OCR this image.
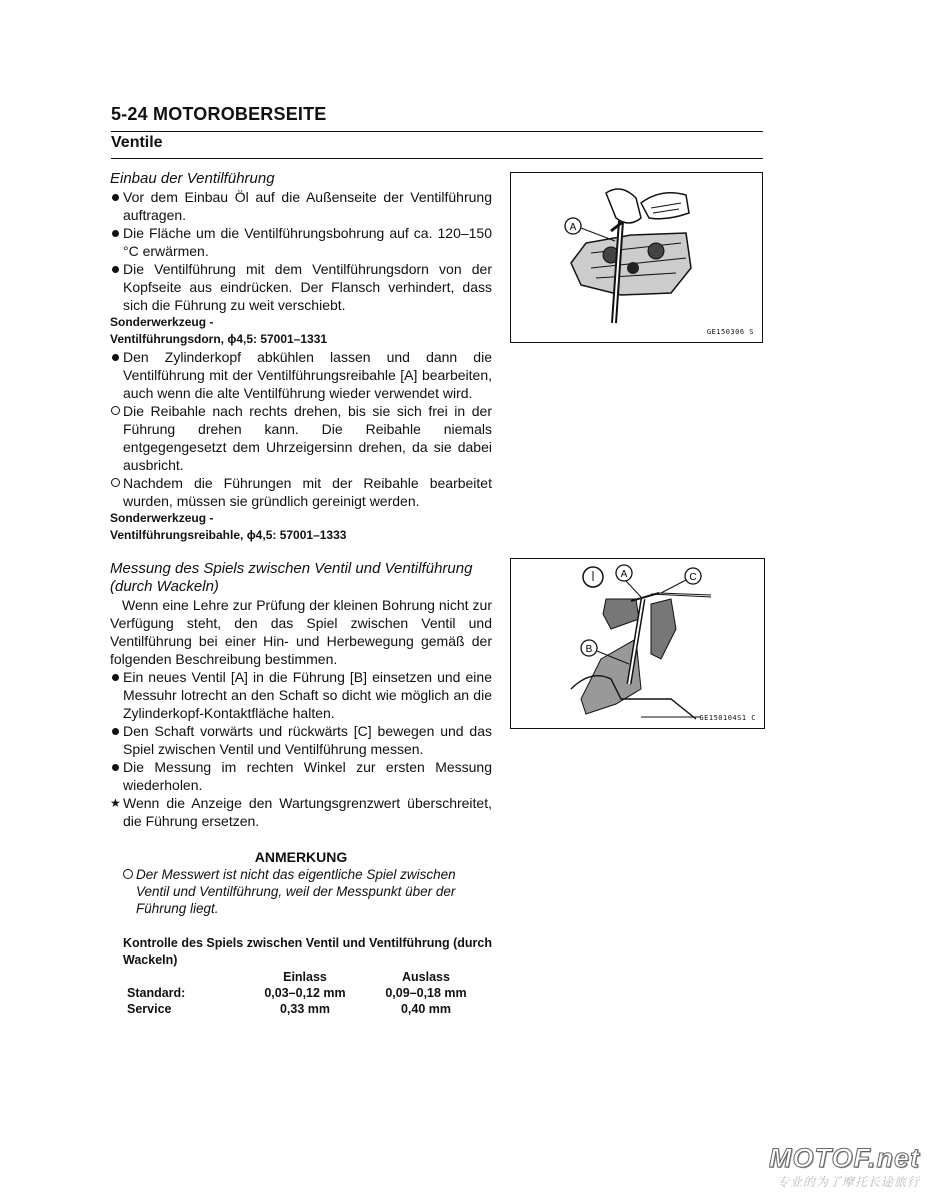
5-24 MOTOROBERSEITE
Ventile

Einbau der Ventilführung

Vor dem Einbau Öl auf die Außenseite der Ventilführung auftragen.

Die Fläche um die Ventilführungsbohrung auf ca. 120–150 °C erwärmen.

Die Ventilführung mit dem Ventilführungsdorn von der Kopfseite aus eindrücken. Der Flansch verhindert, dass sich die Führung zu weit verschiebt.

Sonderwerkzeug -

Ventilführungsdorn, ϕ4,5: 57001–1331

Den Zylinderkopf abkühlen lassen und dann die Ventilführung mit der Ventilführungsreibahle [A] bearbeiten, auch wenn die alte Ventilführung wieder verwendet wird.

Die Reibahle nach rechts drehen, bis sie sich frei in der Führung drehen kann. Die Reibahle niemals entgegengesetzt dem Uhrzeigersinn drehen, da sie dabei ausbricht.

Nachdem die Führungen mit der Reibahle bearbeitet wurden, müssen sie gründlich gereinigt werden.

Sonderwerkzeug -

Ventilführungsreibahle, ϕ4,5: 57001–1333

Messung des Spiels zwischen Ventil und Ventilführung (durch Wackeln)

Wenn eine Lehre zur Prüfung der kleinen Bohrung nicht zur Verfügung steht, den das Spiel zwischen Ventil und Ventilführung bei einer Hin- und Herbewegung gemäß der folgenden Beschreibung bestimmen.

Ein neues Ventil [A] in die Führung [B] einsetzen und eine Messuhr lotrecht an den Schaft so dicht wie möglich an die Zylinderkopf-Kontaktfläche halten.

Den Schaft vorwärts und rückwärts [C] bewegen und das Spiel zwischen Ventil und Ventilführung messen.

Die Messung im rechten Winkel zur ersten Messung wiederholen.

★ Wenn die Anzeige den Wartungsgrenzwert überschreitet, die Führung ersetzen.

ANMERKUNG

Der Messwert ist nicht das eigentliche Spiel zwischen Ventil und Ventilführung, weil der Messpunkt über der Führung liegt.

Kontrolle des Spiels zwischen Ventil und Ventilführung (durch Wackeln)

	Einlass	Auslass
Standard:	0,03–0,12 mm	0,09–0,18 mm
Service	0,33 mm	0,40 mm
A
GE150306 S
A	C
B
GE150104S1 C
MOTOF.net
专业的为了摩托长途旅行
